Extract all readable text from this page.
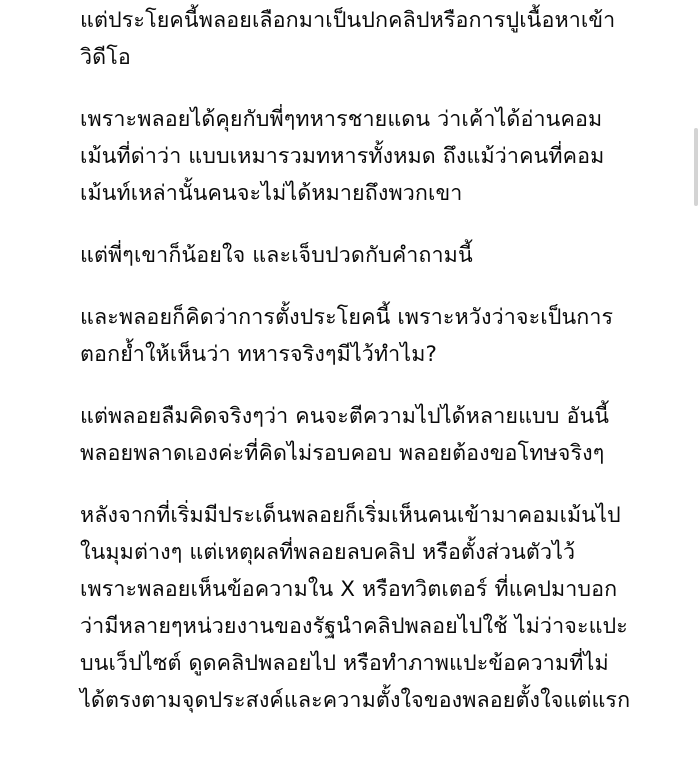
แต่ประโยคนี้พลอยเลือกมาเป็นปกคลิปหรือการปูเนื้อหาเข้าวิดีโอ

เพราะพลอยได้คุยกับพี่ๆทหารชายแดน ว่าเค้าได้อ่านคอมเม้นที่ด่าว่า แบบเหมารวมทหารทั้งหมด ถึงแม้ว่าคนที่คอมเม้นท์เหล่านั้นคนจะไม่ได้หมายถึงพวกเขา

แต่พี่ๆเขาก็น้อยใจ และเจ็บปวดกับคำถามนี้

และพลอยก็คิดว่าการตั้งประโยคนี้ เพราะหวังว่าจะเป็นการตอกย้ำให้เห็นว่า ทหารจริงๆมีไว้ทำไม?

แต่พลอยลืมคิดจริงๆว่า คนจะตีความไปได้หลายแบบ อันนี้พลอยพลาดเองค่ะที่คิดไม่รอบคอบ พลอยต้องขอโทษจริงๆ

หลังจากที่เริ่มมีประเด็นพลอยก็เริ่มเห็นคนเข้ามาคอมเม้นไปในมุมต่างๆ แต่เหตุผลที่พลอยลบคลิป หรือตั้งส่วนตัวไว้ เพราะพลอยเห็นข้อความใน X หรือทวิตเตอร์ ที่แคปมาบอกว่ามีหลายๆหน่วยงานของรัฐนำคลิปพลอยไปใช้ ไม่ว่าจะแปะบนเว็ปไซต์ ดูดคลิปพลอยไป หรือทำภาพแปะข้อความที่ไม่ได้ตรงตามจุดประสงค์และความตั้งใจของพลอยตั้งใจแต่แรก
